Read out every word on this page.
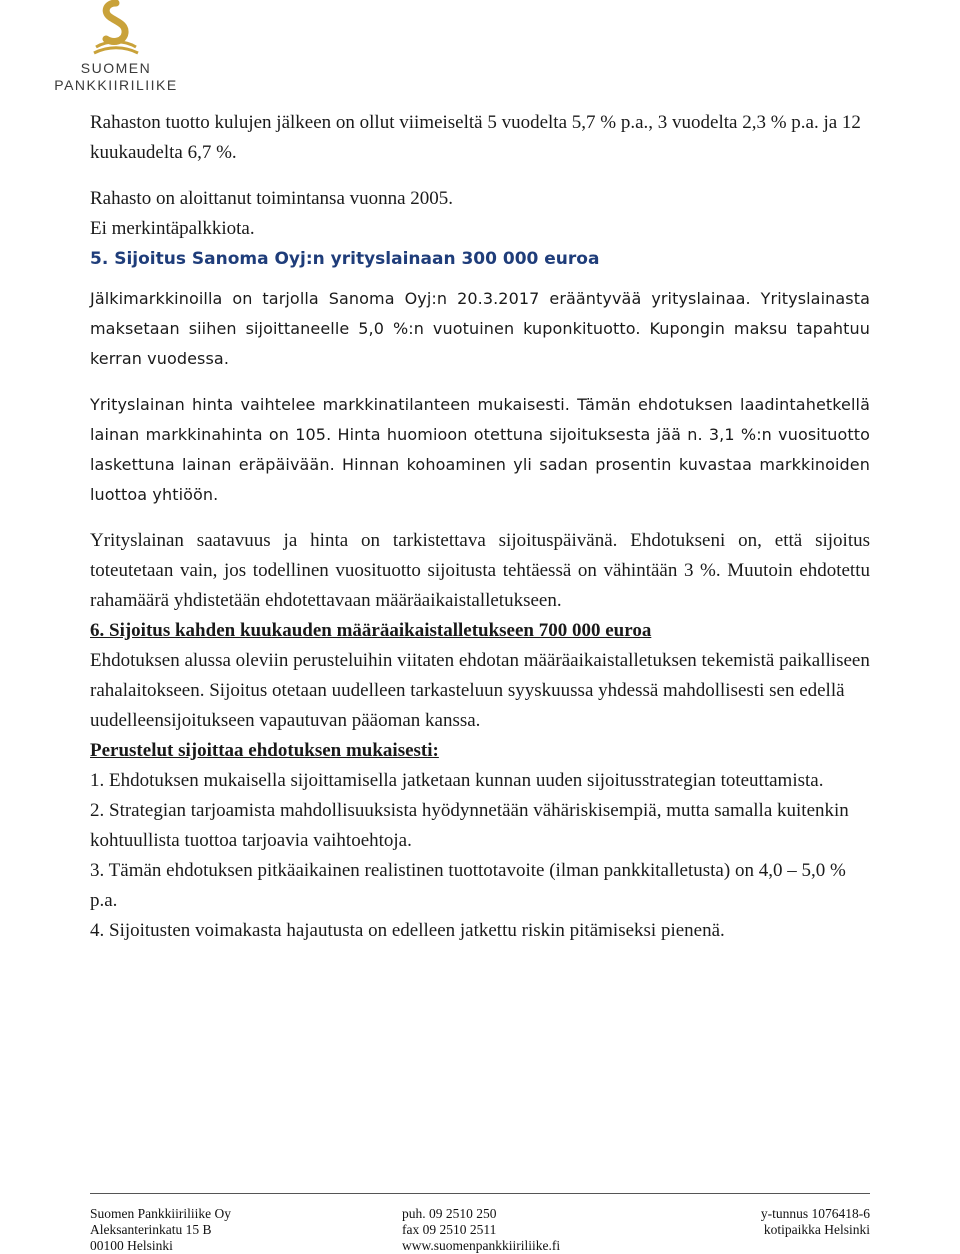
SUOMEN
PANKKIIRILIIKE

Rahaston tuotto kulujen jälkeen on ollut viimeiseltä 5 vuodelta 5,7 % p.a., 3 vuodelta 2,3 % p.a. ja 12 kuukaudelta 6,7 %.

Rahasto on aloittanut toimintansa vuonna 2005.

Ei merkintäpalkkiota.

5. Sijoitus Sanoma Oyj:n yrityslainaan 300 000 euroa

Jälkimarkkinoilla on tarjolla Sanoma Oyj:n 20.3.2017 erääntyvää yrityslainaa. Yrityslainasta maksetaan siihen sijoittaneelle 5,0 %:n vuotuinen kuponkituotto. Kupongin maksu tapahtuu kerran vuodessa.

Yrityslainan hinta vaihtelee markkinatilanteen mukaisesti. Tämän ehdotuksen laadintahetkellä lainan markkinahinta on 105. Hinta huomioon otettuna sijoituksesta jää n. 3,1 %:n vuosituotto laskettuna lainan eräpäivään. Hinnan kohoaminen yli sadan prosentin kuvastaa markkinoiden luottoa yhtiöön.

Yrityslainan saatavuus ja hinta on tarkistettava sijoituspäivänä. Ehdotukseni on, että sijoitus toteutetaan vain, jos todellinen vuosituotto sijoitusta tehtäessä on vähintään 3 %. Muutoin ehdotettu rahamäärä yhdistetään ehdotettavaan määräaikaistalletukseen.

6. Sijoitus kahden kuukauden määräaikaistalletukseen 700 000 euroa

Ehdotuksen alussa oleviin perusteluihin viitaten ehdotan määräaikaistalletuksen tekemistä paikalliseen rahalaitokseen. Sijoitus otetaan uudelleen tarkasteluun syyskuussa yhdessä mahdollisesti sen edellä uudelleensijoitukseen vapautuvan pääoman kanssa.

Perustelut sijoittaa ehdotuksen mukaisesti:

1. Ehdotuksen mukaisella sijoittamisella jatketaan kunnan uuden sijoitusstrategian toteuttamista.

2. Strategian tarjoamista mahdollisuuksista hyödynnetään vähäriskisempiä, mutta samalla kuitenkin kohtuullista tuottoa tarjoavia vaihtoehtoja.

3. Tämän ehdotuksen pitkäaikainen realistinen tuottotavoite (ilman pankkitalletusta) on 4,0 – 5,0 % p.a.

4. Sijoitusten voimakasta hajautusta on edelleen jatkettu riskin pitämiseksi pienenä.

Suomen Pankkiiriliike Oy
Aleksanterinkatu 15 B
00100 Helsinki
puh. 09 2510 250
fax 09 2510 2511
www.suomenpankkiiriliike.fi
y-tunnus 1076418-6
kotipaikka Helsinki
